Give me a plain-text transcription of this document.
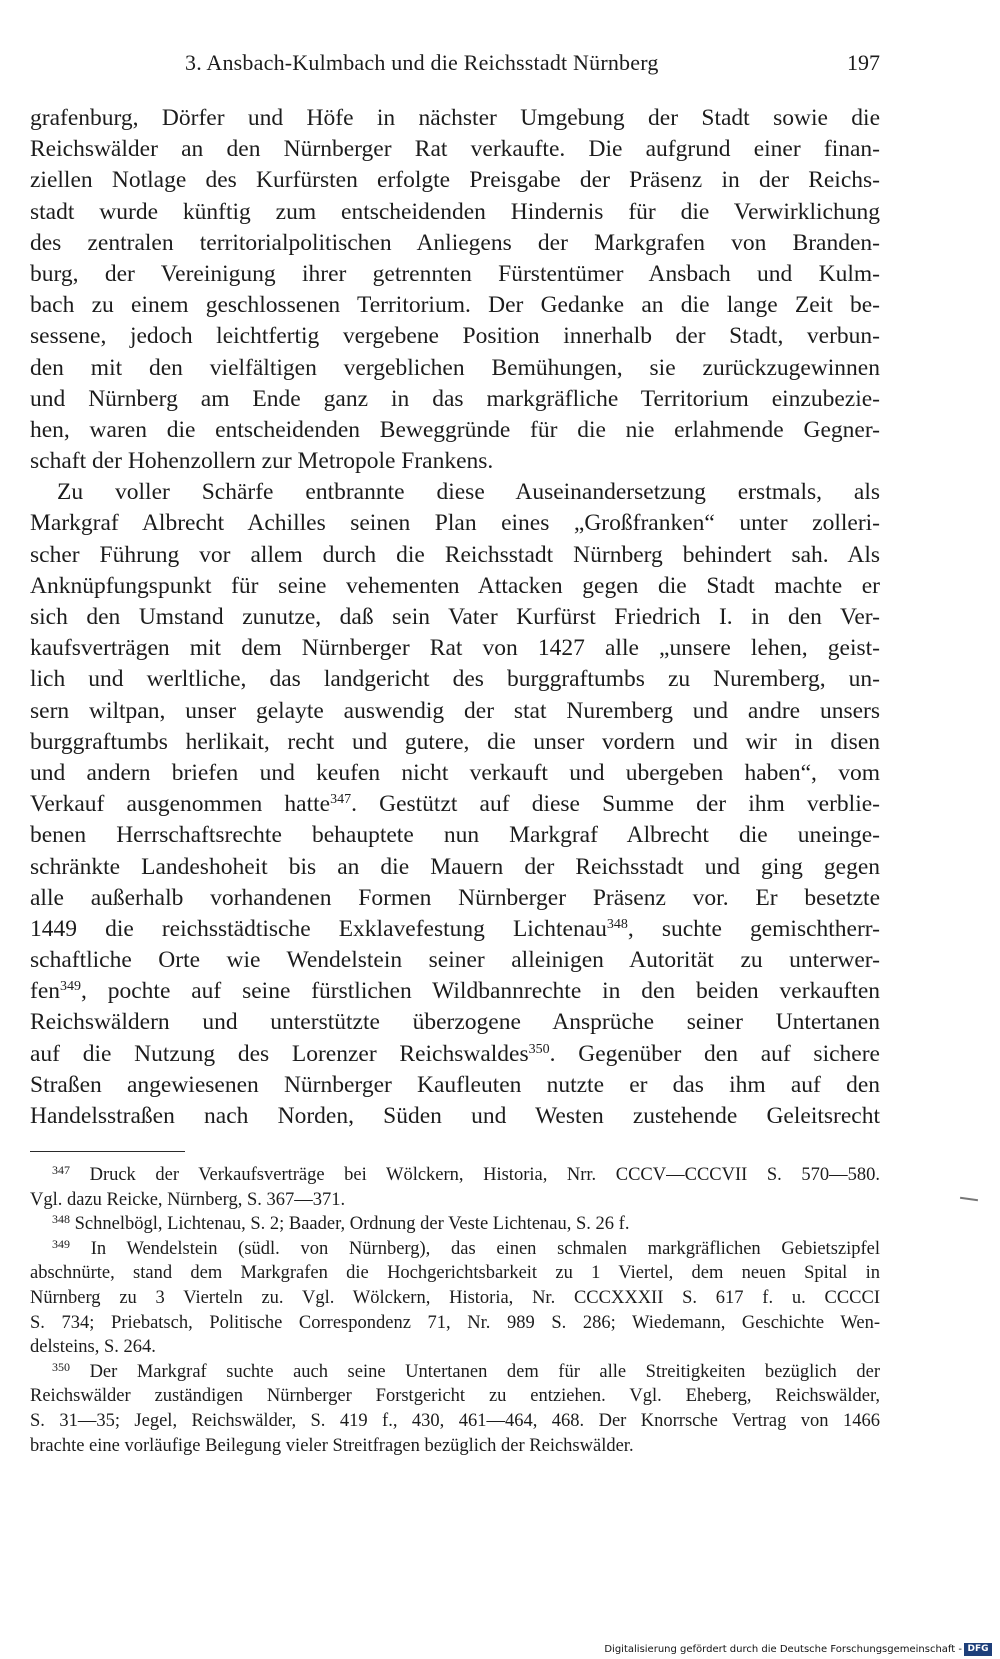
3. Ansbach-Kulmbach und die Reichsstadt Nürnberg	197
grafenburg, Dörfer und Höfe in nächster Umgebung der Stadt sowie die
Reichswälder an den Nürnberger Rat verkaufte. Die aufgrund einer finan-
ziellen Notlage des Kurfürsten erfolgte Preisgabe der Präsenz in der Reichs-
stadt wurde künftig zum entscheidenden Hindernis für die Verwirklichung
des zentralen territorialpolitischen Anliegens der Markgrafen von Branden-
burg, der Vereinigung ihrer getrennten Fürstentümer Ansbach und Kulm-
bach zu einem geschlossenen Territorium. Der Gedanke an die lange Zeit be-
sessene, jedoch leichtfertig vergebene Position innerhalb der Stadt, verbun-
den mit den vielfältigen vergeblichen Bemühungen, sie zurückzugewinnen
und Nürnberg am Ende ganz in das markgräfliche Territorium einzubezie-
hen, waren die entscheidenden Beweggründe für die nie erlahmende Gegner-
schaft der Hohenzollern zur Metropole Frankens.
Zu voller Schärfe entbrannte diese Auseinandersetzung erstmals, als
Markgraf Albrecht Achilles seinen Plan eines „Großfranken“ unter zolleri-
scher Führung vor allem durch die Reichsstadt Nürnberg behindert sah. Als
Anknüpfungspunkt für seine vehementen Attacken gegen die Stadt machte er
sich den Umstand zunutze, daß sein Vater Kurfürst Friedrich I. in den Ver-
kaufsverträgen mit dem Nürnberger Rat von 1427 alle „unsere lehen, geist-
lich und werltliche, das landgericht des burggraftumbs zu Nuremberg, un-
sern wiltpan, unser gelayte auswendig der stat Nuremberg und andre unsers
burggraftumbs herlikait, recht und gutere, die unser vordern und wir in disen
und andern briefen und keufen nicht verkauft und ubergeben haben“, vom
Verkauf ausgenommen hatte$^{347}$. Gestützt auf diese Summe der ihm verblie-
benen Herrschaftsrechte behauptete nun Markgraf Albrecht die uneinge-
schränkte Landeshoheit bis an die Mauern der Reichsstadt und ging gegen
alle außerhalb vorhandenen Formen Nürnberger Präsenz vor. Er besetzte
1449 die reichsstädtische Exklavefestung Lichtenau$^{348}$, suchte gemischtherr-
schaftliche Orte wie Wendelstein seiner alleinigen Autorität zu unterwer-
fen$^{349}$, pochte auf seine fürstlichen Wildbannrechte in den beiden verkauften
Reichswäldern und unterstützte überzogene Ansprüche seiner Untertanen
auf die Nutzung des Lorenzer Reichswaldes$^{350}$. Gegenüber den auf sichere
Straßen angewiesenen Nürnberger Kaufleuten nutzte er das ihm auf den
Handelsstraßen nach Norden, Süden und Westen zustehende Geleitsrecht
$^{347}$ Druck der Verkaufsverträge bei Wölckern, Historia, Nrr. CCCV—CCCVII S. 570—580.
Vgl. dazu Reicke, Nürnberg, S. 367—371.
$^{348}$ Schnelbögl, Lichtenau, S. 2; Baader, Ordnung der Veste Lichtenau, S. 26 f.
$^{349}$ In Wendelstein (südl. von Nürnberg), das einen schmalen markgräflichen Gebietszipfel
abschnürte, stand dem Markgrafen die Hochgerichtsbarkeit zu 1 Viertel, dem neuen Spital in
Nürnberg zu 3 Vierteln zu. Vgl. Wölckern, Historia, Nr. CCCXXXII S. 617 f. u. CCCCI
S. 734; Priebatsch, Politische Correspondenz 71, Nr. 989 S. 286; Wiedemann, Geschichte Wen-
delsteins, S. 264.
$^{350}$ Der Markgraf suchte auch seine Untertanen dem für alle Streitigkeiten bezüglich der
Reichswälder zuständigen Nürnberger Forstgericht zu entziehen. Vgl. Eheberg, Reichswälder,
S. 31—35; Jegel, Reichswälder, S. 419 f., 430, 461—464, 468. Der Knorrsche Vertrag von 1466
brachte eine vorläufige Beilegung vieler Streitfragen bezüglich der Reichswälder.
Digitalisierung gefördert durch die Deutsche Forschungsgemeinschaft - DFG
